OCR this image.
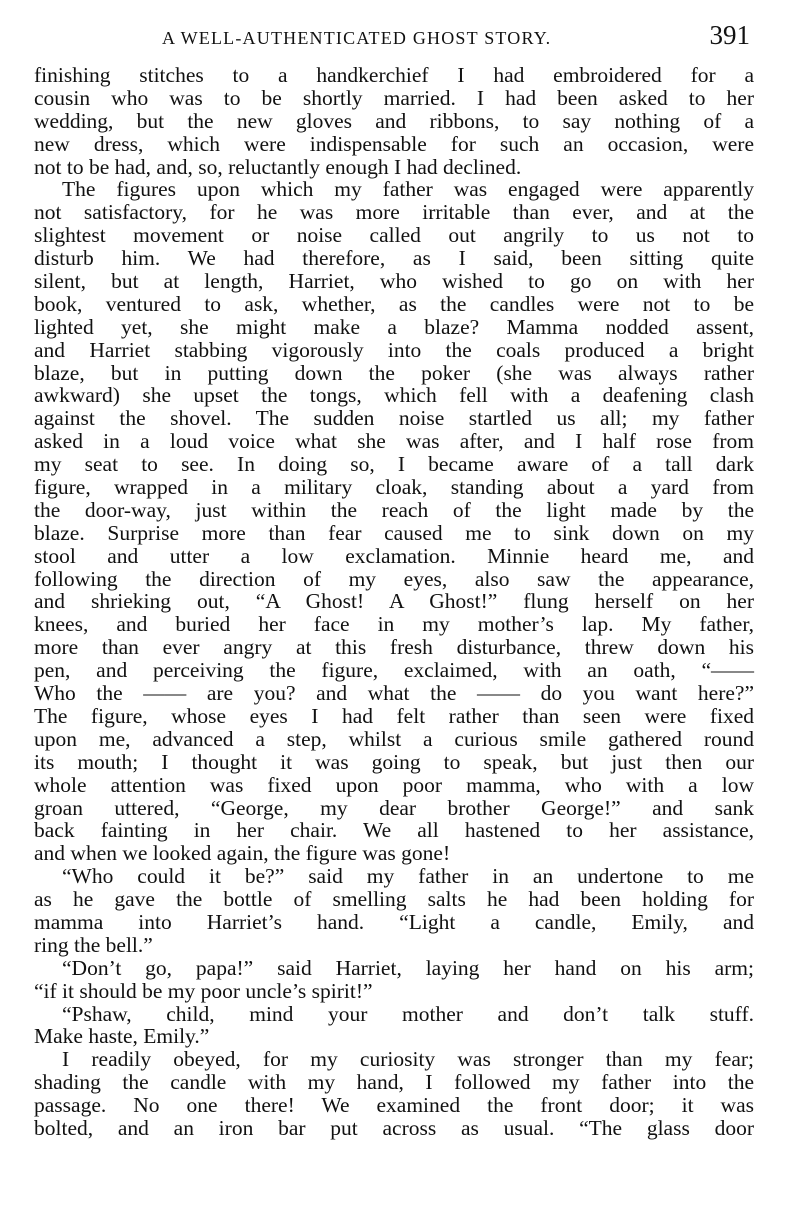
A WELL-AUTHENTICATED GHOST STORY.	391
finishing stitches to a handkerchief I had embroidered for a
cousin who was to be shortly married. I had been asked to her
wedding, but the new gloves and ribbons, to say nothing of a
new dress, which were indispensable for such an occasion, were
not to be had, and, so, reluctantly enough I had declined.
The figures upon which my father was engaged were apparently
not satisfactory, for he was more irritable than ever, and at the
slightest movement or noise called out angrily to us not to
disturb him. We had therefore, as I said, been sitting quite
silent, but at length, Harriet, who wished to go on with her
book, ventured to ask, whether, as the candles were not to be
lighted yet, she might make a blaze? Mamma nodded assent,
and Harriet stabbing vigorously into the coals produced a bright
blaze, but in putting down the poker (she was always rather
awkward) she upset the tongs, which fell with a deafening clash
against the shovel. The sudden noise startled us all; my father
asked in a loud voice what she was after, and I half rose from
my seat to see. In doing so, I became aware of a tall dark
figure, wrapped in a military cloak, standing about a yard from
the door-way, just within the reach of the light made by the
blaze. Surprise more than fear caused me to sink down on my
stool and utter a low exclamation. Minnie heard me, and
following the direction of my eyes, also saw the appearance,
and shrieking out, “A Ghost! A Ghost!” flung herself on her
knees, and buried her face in my mother’s lap. My father,
more than ever angry at this fresh disturbance, threw down his
pen, and perceiving the figure, exclaimed, with an oath, “——
Who the —— are you? and what the —— do you want here?”
The figure, whose eyes I had felt rather than seen were fixed
upon me, advanced a step, whilst a curious smile gathered round
its mouth; I thought it was going to speak, but just then our
whole attention was fixed upon poor mamma, who with a low
groan uttered, “George, my dear brother George!” and sank
back fainting in her chair. We all hastened to her assistance,
and when we looked again, the figure was gone!
“Who could it be?” said my father in an undertone to me
as he gave the bottle of smelling salts he had been holding for
mamma into Harriet’s hand. “Light a candle, Emily, and
ring the bell.”
“Don’t go, papa!” said Harriet, laying her hand on his arm;
“if it should be my poor uncle’s spirit!”
“Pshaw, child, mind your mother and don’t talk stuff.
Make haste, Emily.”
I readily obeyed, for my curiosity was stronger than my fear;
shading the candle with my hand, I followed my father into the
passage. No one there! We examined the front door; it was
bolted, and an iron bar put across as usual. “The glass door
